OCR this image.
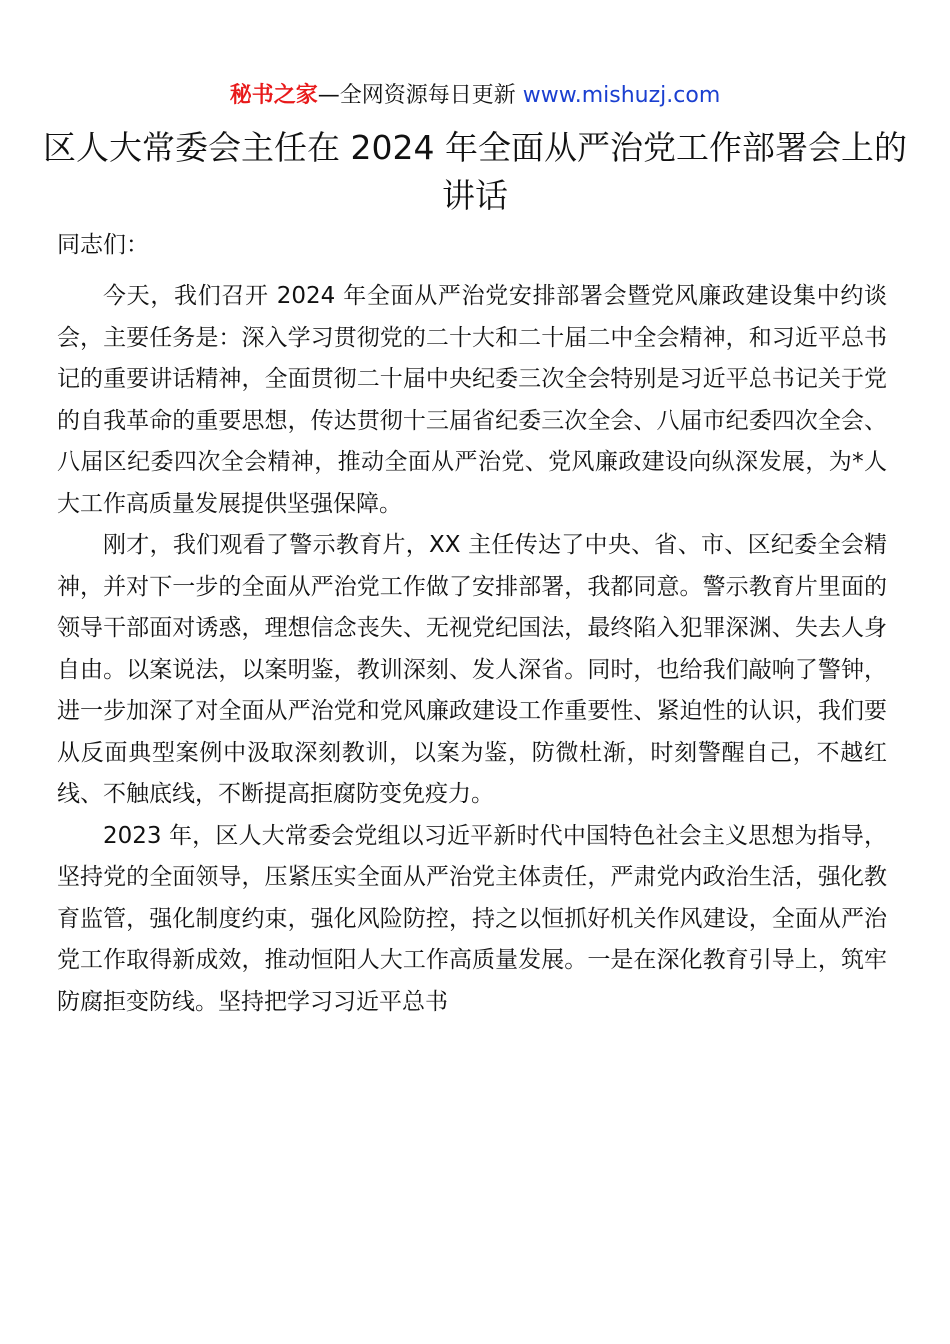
秘书之家—全网资源每日更新 www.mishuzj.com
区人大常委会主任在 2024 年全面从严治党工作部署会上的讲话

同志们：

今天，我们召开 2024 年全面从严治党安排部署会暨党风廉政建设集中约谈会，主要任务是：深入学习贯彻党的二十大和二十届二中全会精神，和习近平总书记的重要讲话精神，全面贯彻二十届中央纪委三次全会特别是习近平总书记关于党的自我革命的重要思想，传达贯彻十三届省纪委三次全会、八届市纪委四次全会、八届区纪委四次全会精神，推动全面从严治党、党风廉政建设向纵深发展，为*人大工作高质量发展提供坚强保障。

刚才，我们观看了警示教育片，XX 主任传达了中央、省、市、区纪委全会精神，并对下一步的全面从严治党工作做了安排部署，我都同意。警示教育片里面的领导干部面对诱惑，理想信念丧失、无视党纪国法，最终陷入犯罪深渊、失去人身自由。以案说法，以案明鉴，教训深刻、发人深省。同时，也给我们敲响了警钟，进一步加深了对全面从严治党和党风廉政建设工作重要性、紧迫性的认识，我们要从反面典型案例中汲取深刻教训，以案为鉴，防微杜渐，时刻警醒自己，不越红线、不触底线，不断提高拒腐防变免疫力。

2023 年，区人大常委会党组以习近平新时代中国特色社会主义思想为指导，坚持党的全面领导，压紧压实全面从严治党主体责任，严肃党内政治生活，强化教育监管，强化制度约束，强化风险防控，持之以恒抓好机关作风建设，全面从严治党工作取得新成效，推动恒阳人大工作高质量发展。一是在深化教育引导上，筑牢防腐拒变防线。坚持把学习习近平总书
